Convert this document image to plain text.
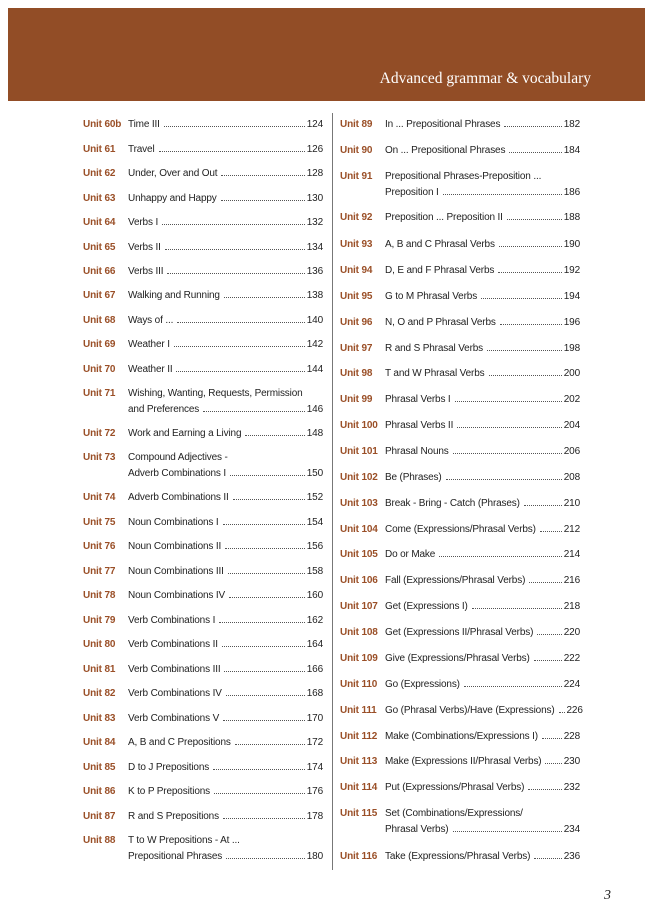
Advanced grammar & vocabulary
Unit 60b Time III	124
Unit 61 Travel	126
Unit 62 Under, Over and Out	128
Unit 63 Unhappy and Happy	130
Unit 64 Verbs I	132
Unit 65 Verbs II	134
Unit 66 Verbs III	136
Unit 67 Walking and Running	138
Unit 68 Ways of ...	140
Unit 69 Weather I	142
Unit 70 Weather II	144
Unit 71 Wishing, Wanting, Requests, Permission
and Preferences	146
Unit 72 Work and Earning a Living	148
Unit 73 Compound Adjectives -
Adverb Combinations I	150
Unit 74 Adverb Combinations II	152
Unit 75 Noun Combinations I	154
Unit 76 Noun Combinations II	156
Unit 77 Noun Combinations III	158
Unit 78 Noun Combinations IV	160
Unit 79 Verb Combinations I	162
Unit 80 Verb Combinations II	164
Unit 81 Verb Combinations III	166
Unit 82 Verb Combinations IV	168
Unit 83 Verb Combinations V	170
Unit 84 A, B and C Prepositions	172
Unit 85 D to J Prepositions	174
Unit 86 K to P Prepositions	176
Unit 87 R and S Prepositions	178
Unit 88 T to W Prepositions - At ...
Prepositional Phrases	180
Unit 89 In ... Prepositional Phrases	182
Unit 90 On ... Prepositional Phrases	184
Unit 91 Prepositional Phrases-Preposition ...
Preposition I	186
Unit 92 Preposition ... Preposition II	188
Unit 93 A, B and C Phrasal Verbs	190
Unit 94 D, E and F Phrasal Verbs	192
Unit 95 G to M Phrasal Verbs	194
Unit 96 N, O and P Phrasal Verbs	196
Unit 97 R and S Phrasal Verbs	198
Unit 98 T and W Phrasal Verbs	200
Unit 99 Phrasal Verbs I	202
Unit 100 Phrasal Verbs II	204
Unit 101 Phrasal Nouns	206
Unit 102 Be (Phrases)	208
Unit 103 Break - Bring - Catch (Phrases)	210
Unit 104 Come (Expressions/Phrasal Verbs)	212
Unit 105 Do or Make	214
Unit 106 Fall (Expressions/Phrasal Verbs)	216
Unit 107 Get (Expressions I)	218
Unit 108 Get (Expressions II/Phrasal Verbs)	220
Unit 109 Give (Expressions/Phrasal Verbs)	222
Unit 110 Go (Expressions)	224
Unit 111 Go (Phrasal Verbs)/Have (Expressions) 226
Unit 112 Make (Combinations/Expressions I)	228
Unit 113 Make (Expressions II/Phrasal Verbs) 230
Unit 114 Put (Expressions/Phrasal Verbs)	232
Unit 115 Set (Combinations/Expressions/
Phrasal Verbs)	234
Unit 116 Take (Expressions/Phrasal Verbs)	236
3
